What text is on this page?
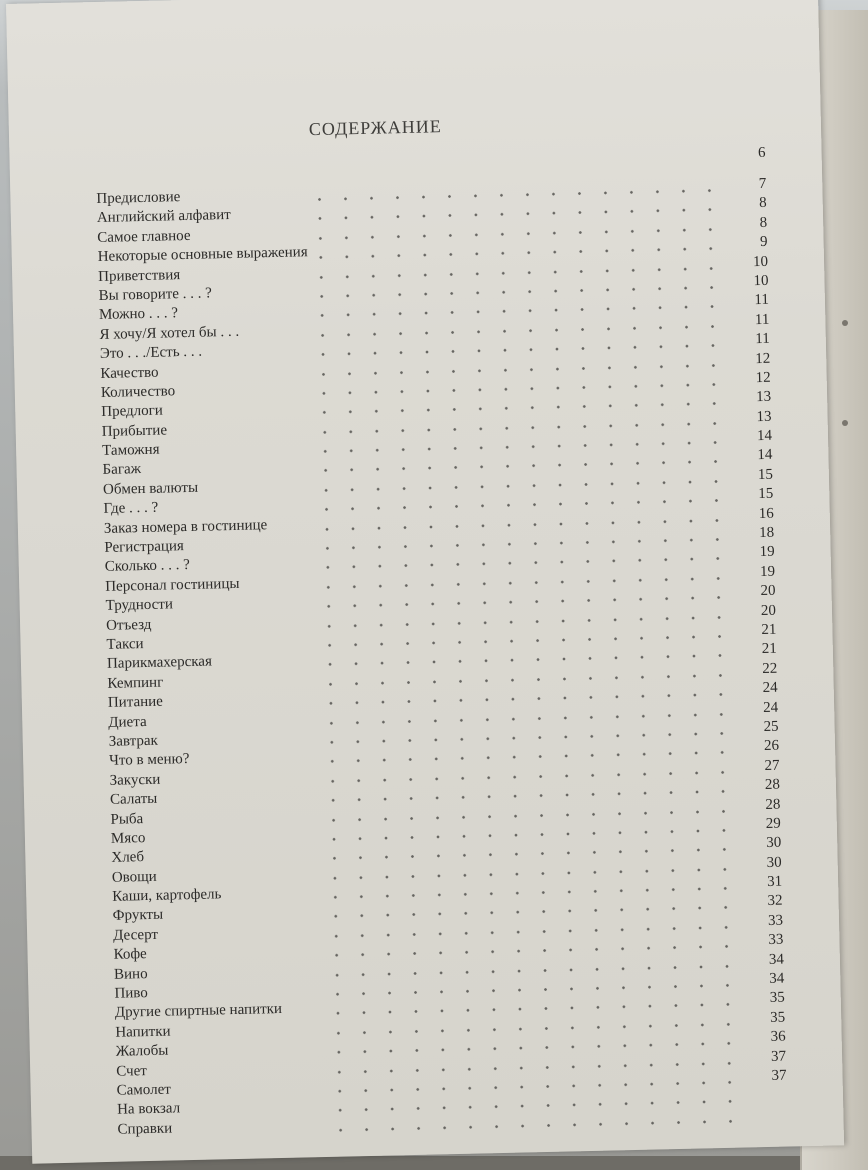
СОДЕРЖАНИЕ
6
Предисловие
7
Английский алфавит
8
Самое главное
8
Некоторые основные выражения
9
Приветствия
10
Вы говорите . . . ?
10
Можно . . . ?
11
Я хочу/Я хотел бы . . .
11
Это . . ./Есть . . .
11
Качество
12
Количество
12
Предлоги
13
Прибытие
13
Таможня
14
Багаж
14
Обмен валюты
15
Где . . . ?
15
Заказ номера в гостинице
16
Регистрация
18
Сколько . . . ?
19
Персонал гостиницы
19
Трудности
20
Отъезд
20
Такси
21
Парикмахерская
21
Кемпинг
22
Питание
24
Диета
24
Завтрак
25
Что в меню?
26
Закуски
27
Салаты
28
Рыба
28
Мясо
29
Хлеб
30
Овощи
30
Каши, картофель
31
Фрукты
32
Десерт
33
Кофе
33
Вино
34
Пиво
34
Другие спиртные напитки
35
Напитки
35
Жалобы
36
Счет
37
Самолет
37
На вокзал
Справки
